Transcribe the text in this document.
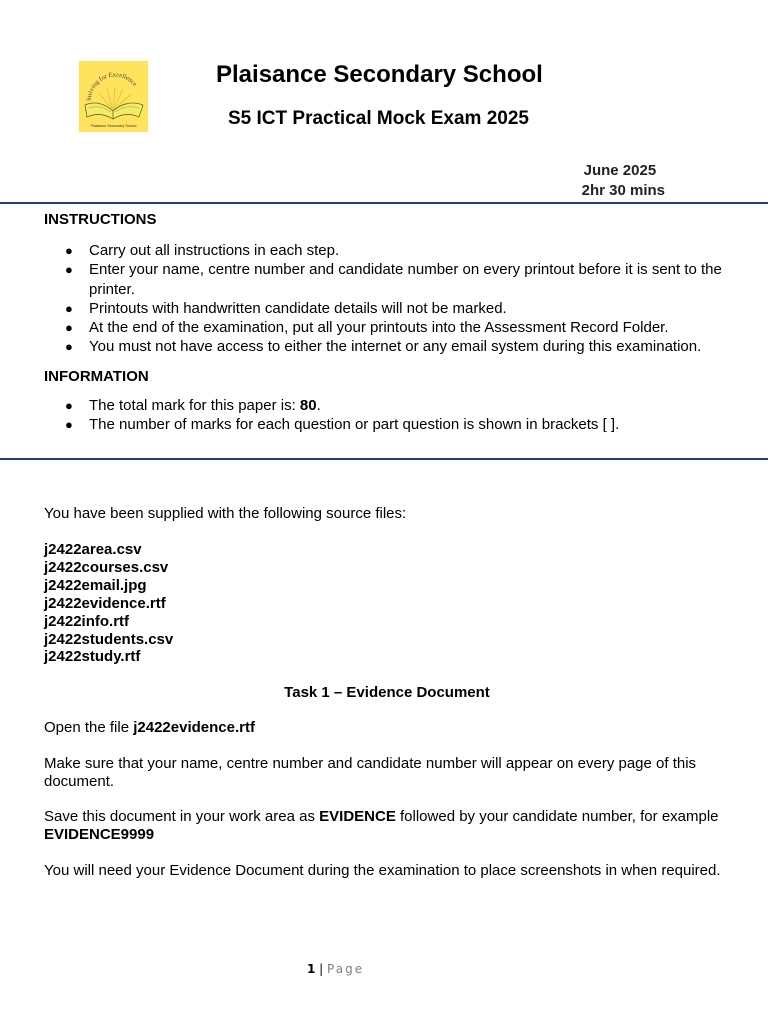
Striving for Excellence
Plaisance Secondary School
Plaisance Secondary School
S5 ICT Practical Mock Exam 2025
June 2025
2hr 30 mins
INSTRUCTIONS
● Carry out all instructions in each step.
● Enter your name, centre number and candidate number on every printout before it is sent to the printer.
● Printouts with handwritten candidate details will not be marked.
● At the end of the examination, put all your printouts into the Assessment Record Folder.
● You must not have access to either the internet or any email system during this examination.
INFORMATION
● The total mark for this paper is: 80.
● The number of marks for each question or part question is shown in brackets [ ].
You have been supplied with the following source files:
j2422area.csv
j2422courses.csv
j2422email.jpg
j2422evidence.rtf
j2422info.rtf
j2422students.csv
j2422study.rtf
Task 1 – Evidence Document
Open the file j2422evidence.rtf
Make sure that your name, centre number and candidate number will appear on every page of this document.
Save this document in your work area as EVIDENCE followed by your candidate number, for example
EVIDENCE9999
You will need your Evidence Document during the examination to place screenshots in when required.
1 | Page
